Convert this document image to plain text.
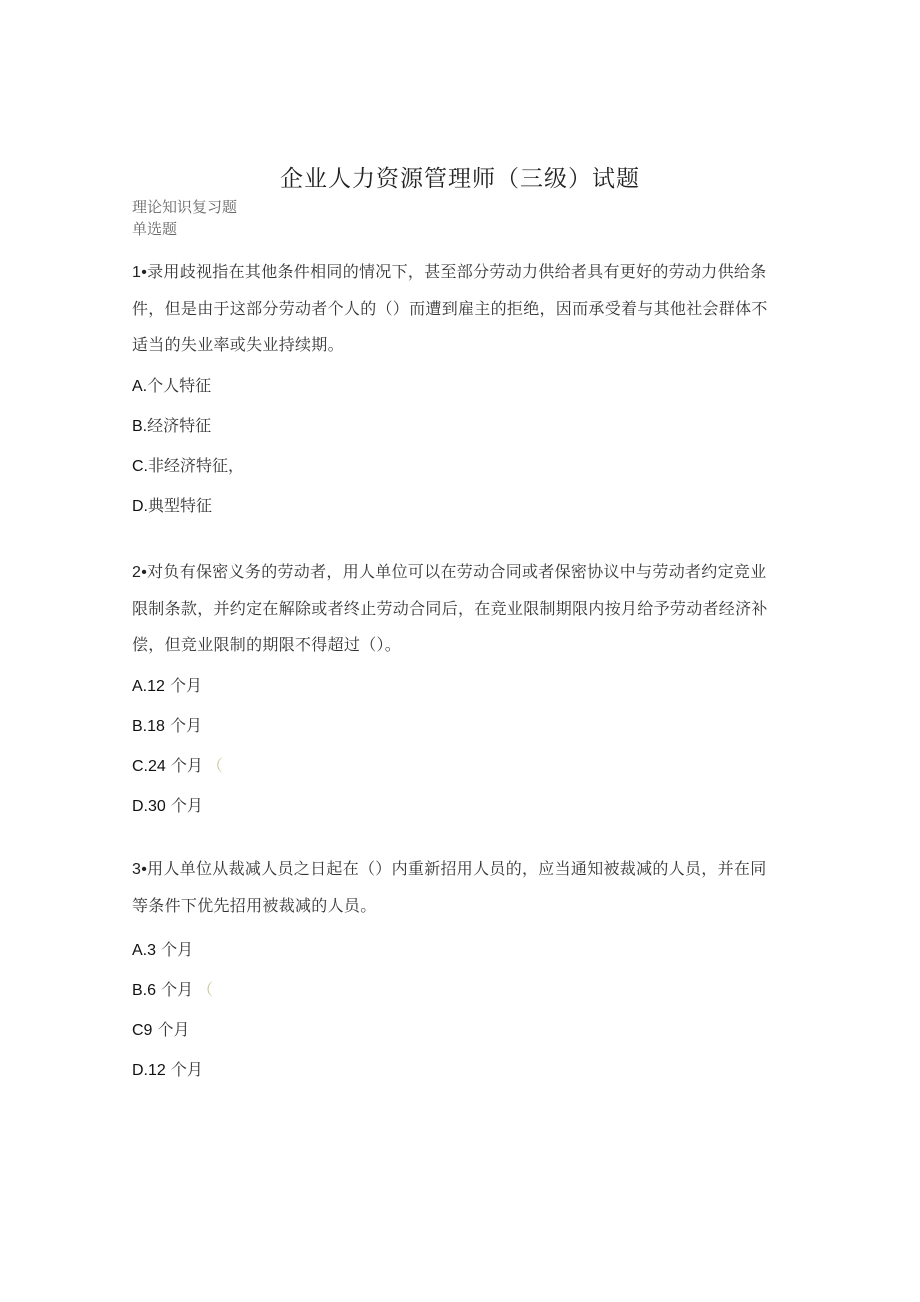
企业人力资源管理师（三级）试题

理论知识复习题

单选题

1•录用歧视指在其他条件相同的情况下，甚至部分劳动力供给者具有更好的劳动力供给条件，但是由于这部分劳动者个人的（）而遭到雇主的拒绝，因而承受着与其他社会群体不适当的失业率或失业持续期。

A.个人特征

B.经济特征

C.非经济特征，

D.典型特征

2•对负有保密义务的劳动者，用人单位可以在劳动合同或者保密协议中与劳动者约定竞业限制条款，并约定在解除或者终止劳动合同后，在竞业限制期限内按月给予劳动者经济补偿，但竞业限制的期限不得超过（）。

A.12 个月

B.18 个月

C.24 个月 （

D.30 个月

3•用人单位从裁减人员之日起在（）内重新招用人员的，应当通知被裁减的人员，并在同等条件下优先招用被裁减的人员。

A.3 个月

B.6 个月 （

C9 个月

D.12 个月
